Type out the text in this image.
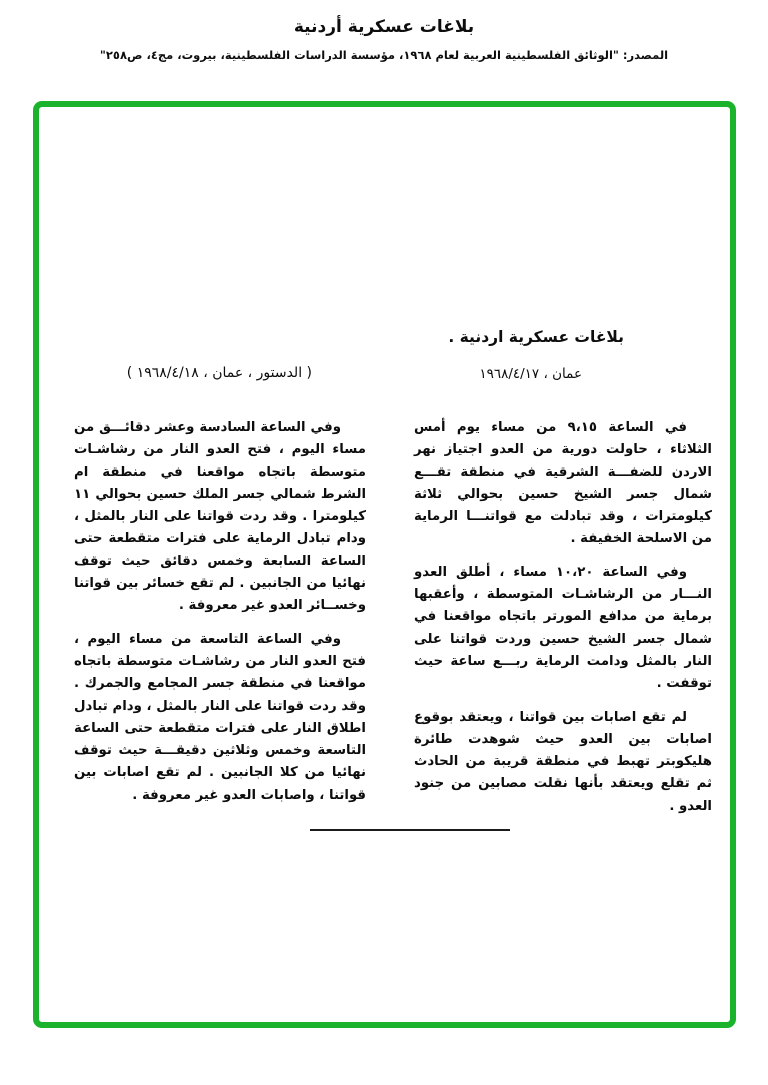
بلاغات عسكرية أردنية
المصدر: "الوثائق الفلسطينية العربية لعام ١٩٦٨، مؤسسة الدراسات الفلسطينية، بيروت، مج٤، ص٢٥٨"
بلاغات عسكرية اردنية .
عمان ، ١٩٦٨/٤/١٧

في الساعة ٩،١٥ من مساء يوم أمس الثلاثاء ، حاولت دورية من العدو اجتياز نهر الاردن للضفـــة الشرقية في منطقة تقـــع شمال جسر الشيخ حسين بحوالي ثلاثة كيلومترات ، وقد تبادلت مع قواتنـــا الرماية من الاسلحة الخفيفة .

وفي الساعة ١٠،٢٠ مساء ، أطلق العدو النـــار من الرشاشـات المتوسطة ، وأعقبها برماية من مدافع المورتر باتجاه مواقعنا في شمال جسر الشيخ حسين وردت قواتنا على النار بالمثل ودامت الرماية ربـــع ساعة حيث توقفت .

لم تقع اصابات بين قواتنا ، ويعتقد بوقوع اصابات بين العدو حيث شوهدت طائرة هليكوبتر تهبط في منطقة قريبة من الحادث ثم تقلع ويعتقد بأنها نقلت مصابين من جنود العدو .

( الدستور ، عمان ، ١٩٦٨/٤/١٨ )

وفي الساعة السادسة وعشر دقائـــق من مساء اليوم ، فتح العدو النار من رشاشـات متوسطة باتجاه مواقعنا في منطقة ام الشرط شمالي جسر الملك حسين بحوالي ١١ كيلومترا . وقد ردت قواتنا على النار بالمثل ، ودام تبادل الرماية على فترات متقطعة حتى الساعة السابعة وخمس دقائق حيث توقف نهائيا من الجانبين . لم تقع خسائر بين قواتنا وخســائر العدو غير معروفة .

وفي الساعة التاسعة من مساء اليوم ، فتح العدو النار من رشاشـات متوسطة باتجاه مواقعنا في منطقة جسر المجامع والجمرك . وقد ردت قواتنا على النار بالمثل ، ودام تبادل اطلاق النار على فترات متقطعة حتى الساعة التاسعة وخمس وثلاثين دقيقـــة حيث توقف نهائيا من كلا الجانبين . لم تقع اصابات بين قواتنا ، واصابات العدو غير معروفة .
